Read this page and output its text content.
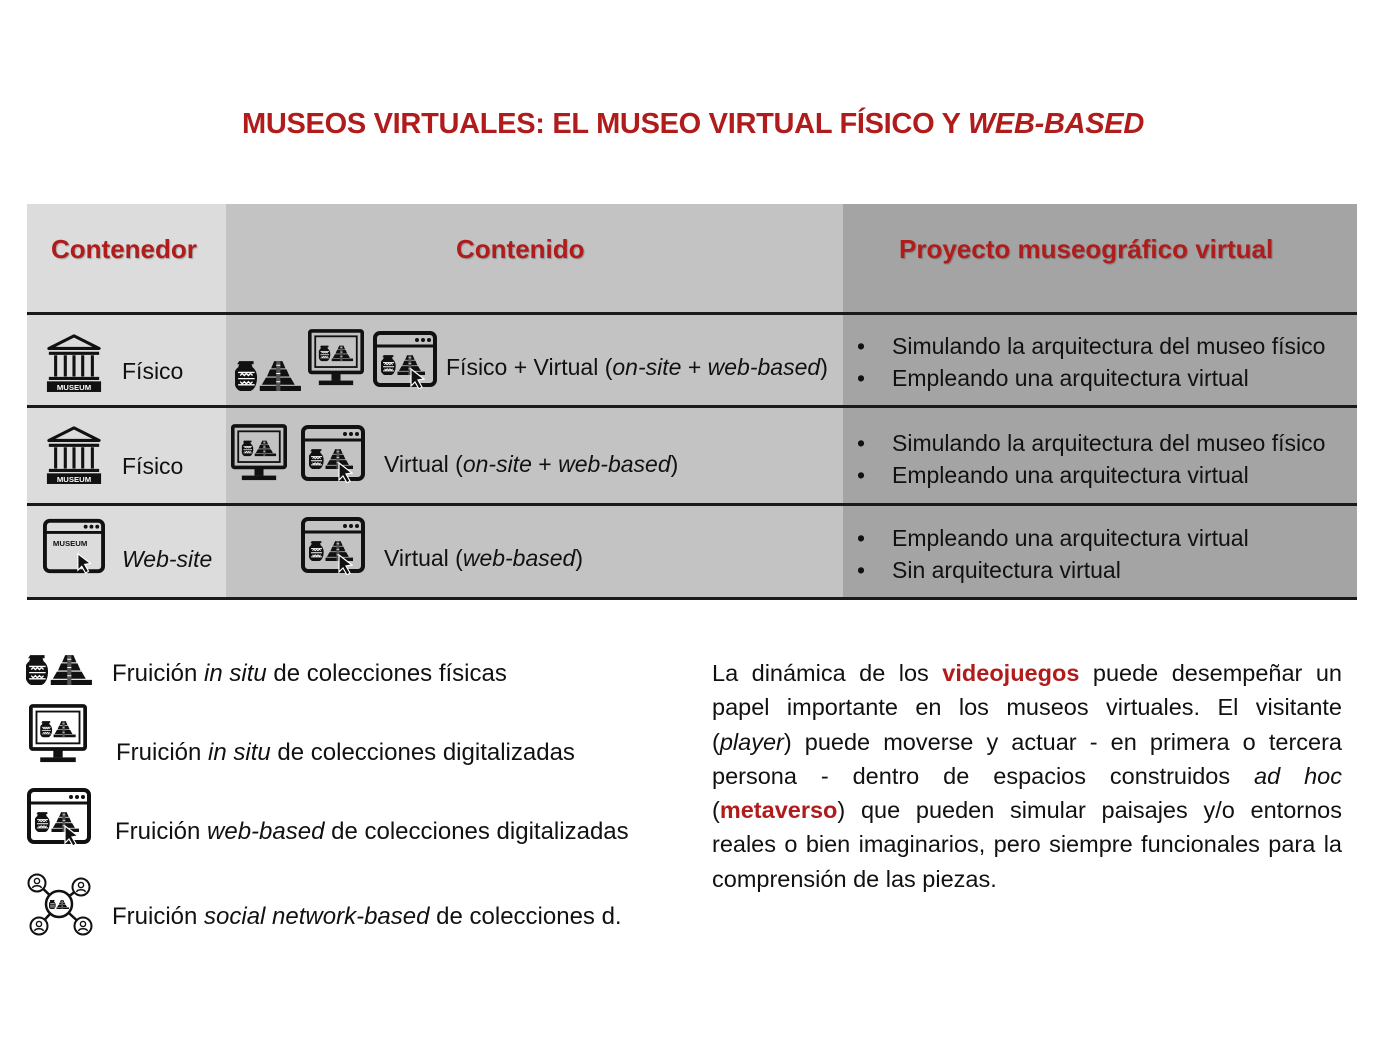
MUSEOS VIRTUALES: EL MUSEO VIRTUAL FÍSICO Y WEB-BASED
Contenedor	Contenido	Proyecto museográfico virtual
Físico	Físico + Virtual (on-site + web-based)
• Simulando la arquitectura del museo físico
• Empleando una arquitectura virtual
Físico	Virtual (on-site + web-based)
• Simulando la arquitectura del museo físico
• Empleando una arquitectura virtual
Web-site	Virtual (web-based)
• Empleando una arquitectura virtual
• Sin arquitectura virtual
Fruición in situ de colecciones físicas
Fruición in situ de colecciones digitalizadas
Fruición web-based de colecciones digitalizadas
Fruición social network-based de colecciones d.
La dinámica de los videojuegos puede desempeñar un papel importante en los museos virtuales. El visitante (player) puede moverse y actuar - en primera o tercera persona - dentro de espacios construidos ad hoc (metaverso) que pueden simular paisajes y/o entornos reales o bien imaginarios, pero siempre funcionales para la comprensión de las piezas.
